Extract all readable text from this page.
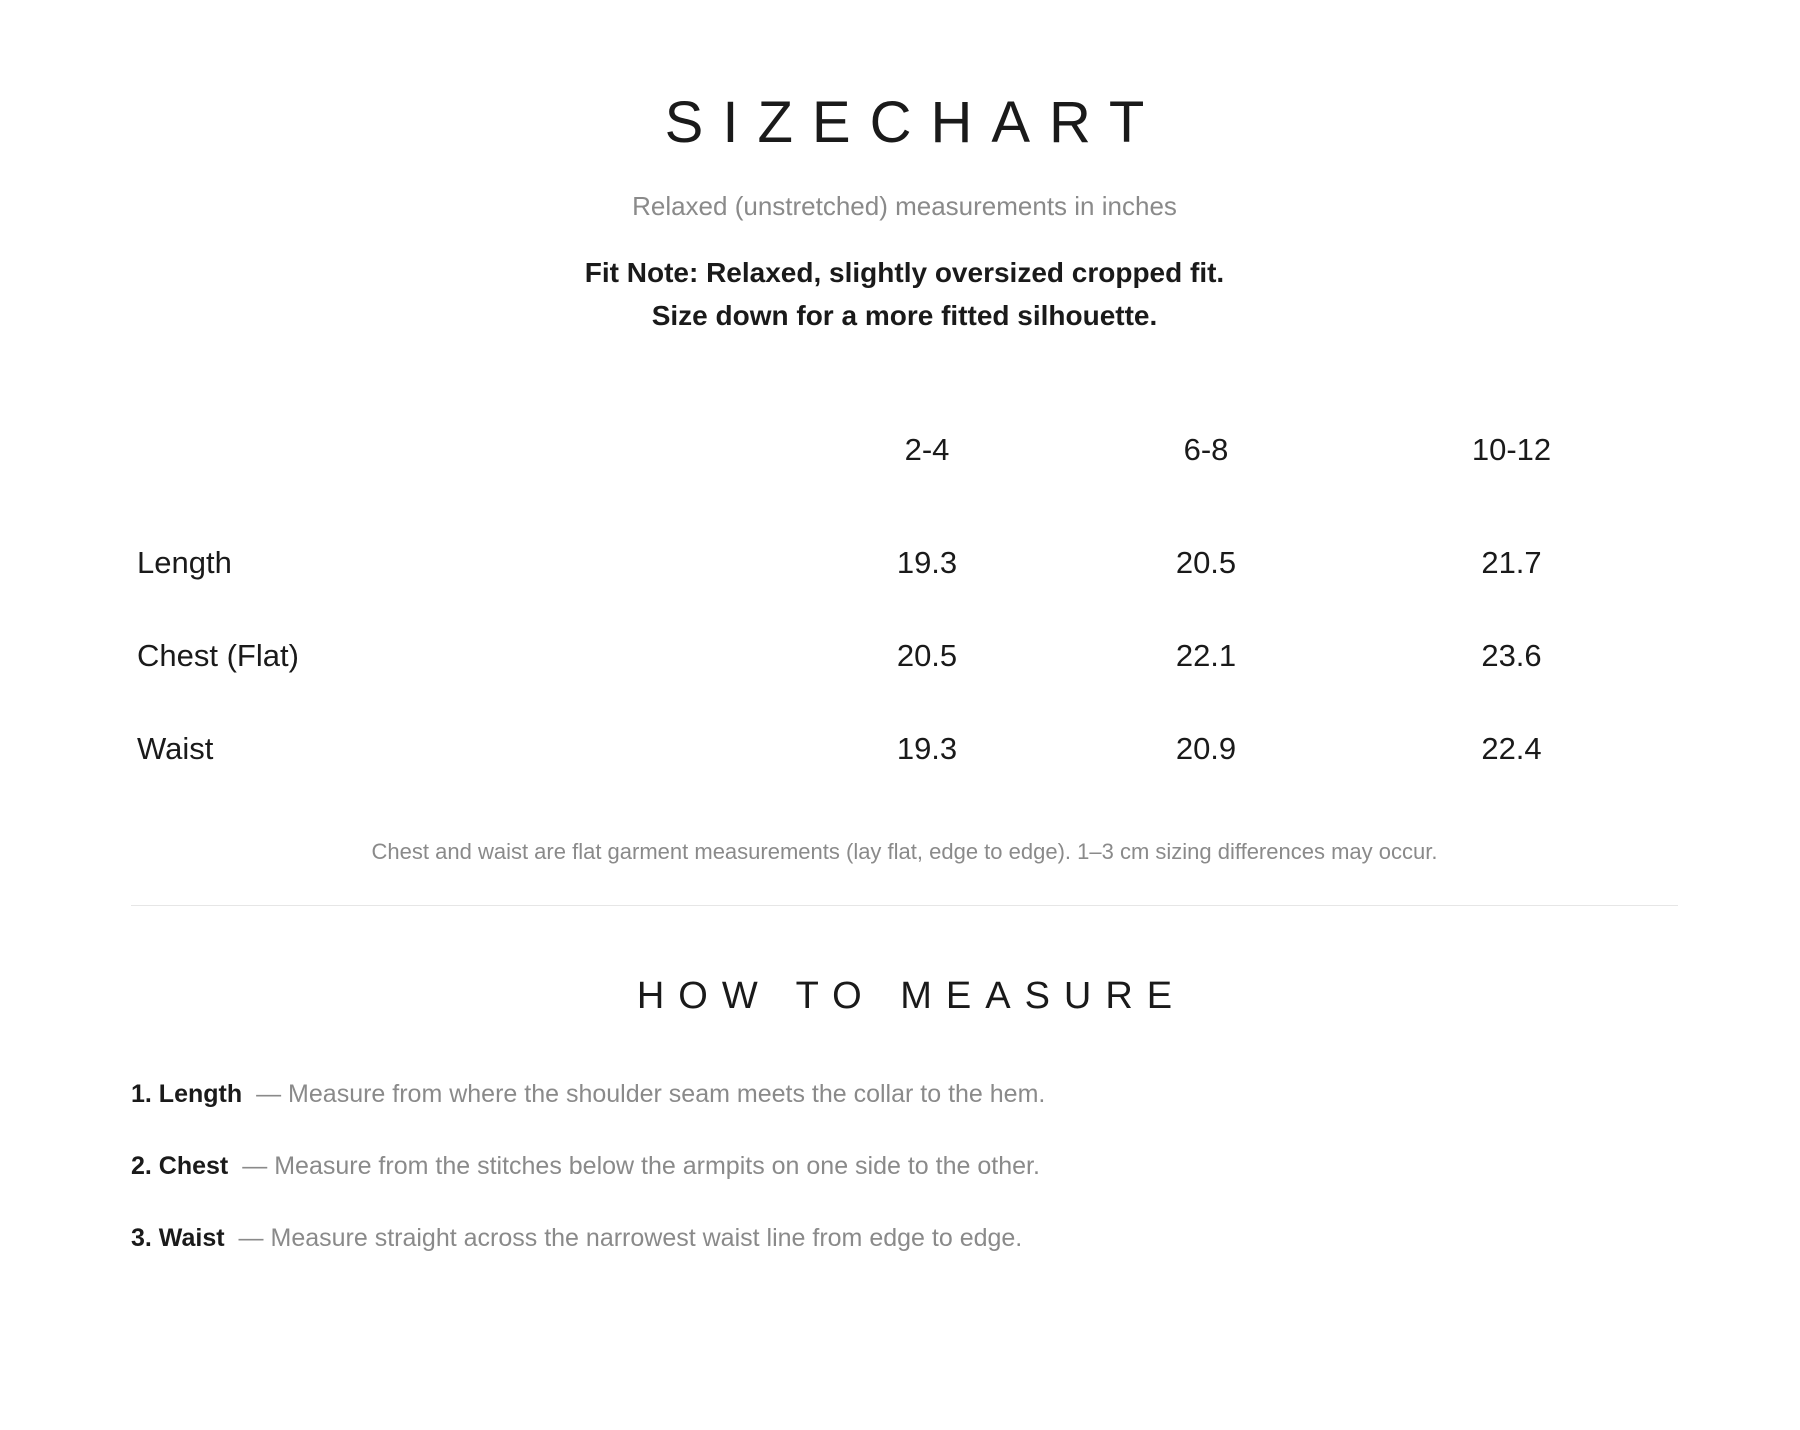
SIZECHART
Relaxed (unstretched) measurements in inches
Fit Note: Relaxed, slightly oversized cropped fit.
Size down for a more fitted silhouette.
	2-4	6-8	10-12

Length	19.3	20.5	21.7
Chest (Flat)	20.5	22.1	23.6
Waist	19.3	20.9	22.4
Chest and waist are flat garment measurements (lay flat, edge to edge). 1–3 cm sizing differences may occur.
HOW TO MEASURE
1. Length — Measure from where the shoulder seam meets the collar to the hem.
2. Chest — Measure from the stitches below the armpits on one side to the other.
3. Waist — Measure straight across the narrowest waist line from edge to edge.
